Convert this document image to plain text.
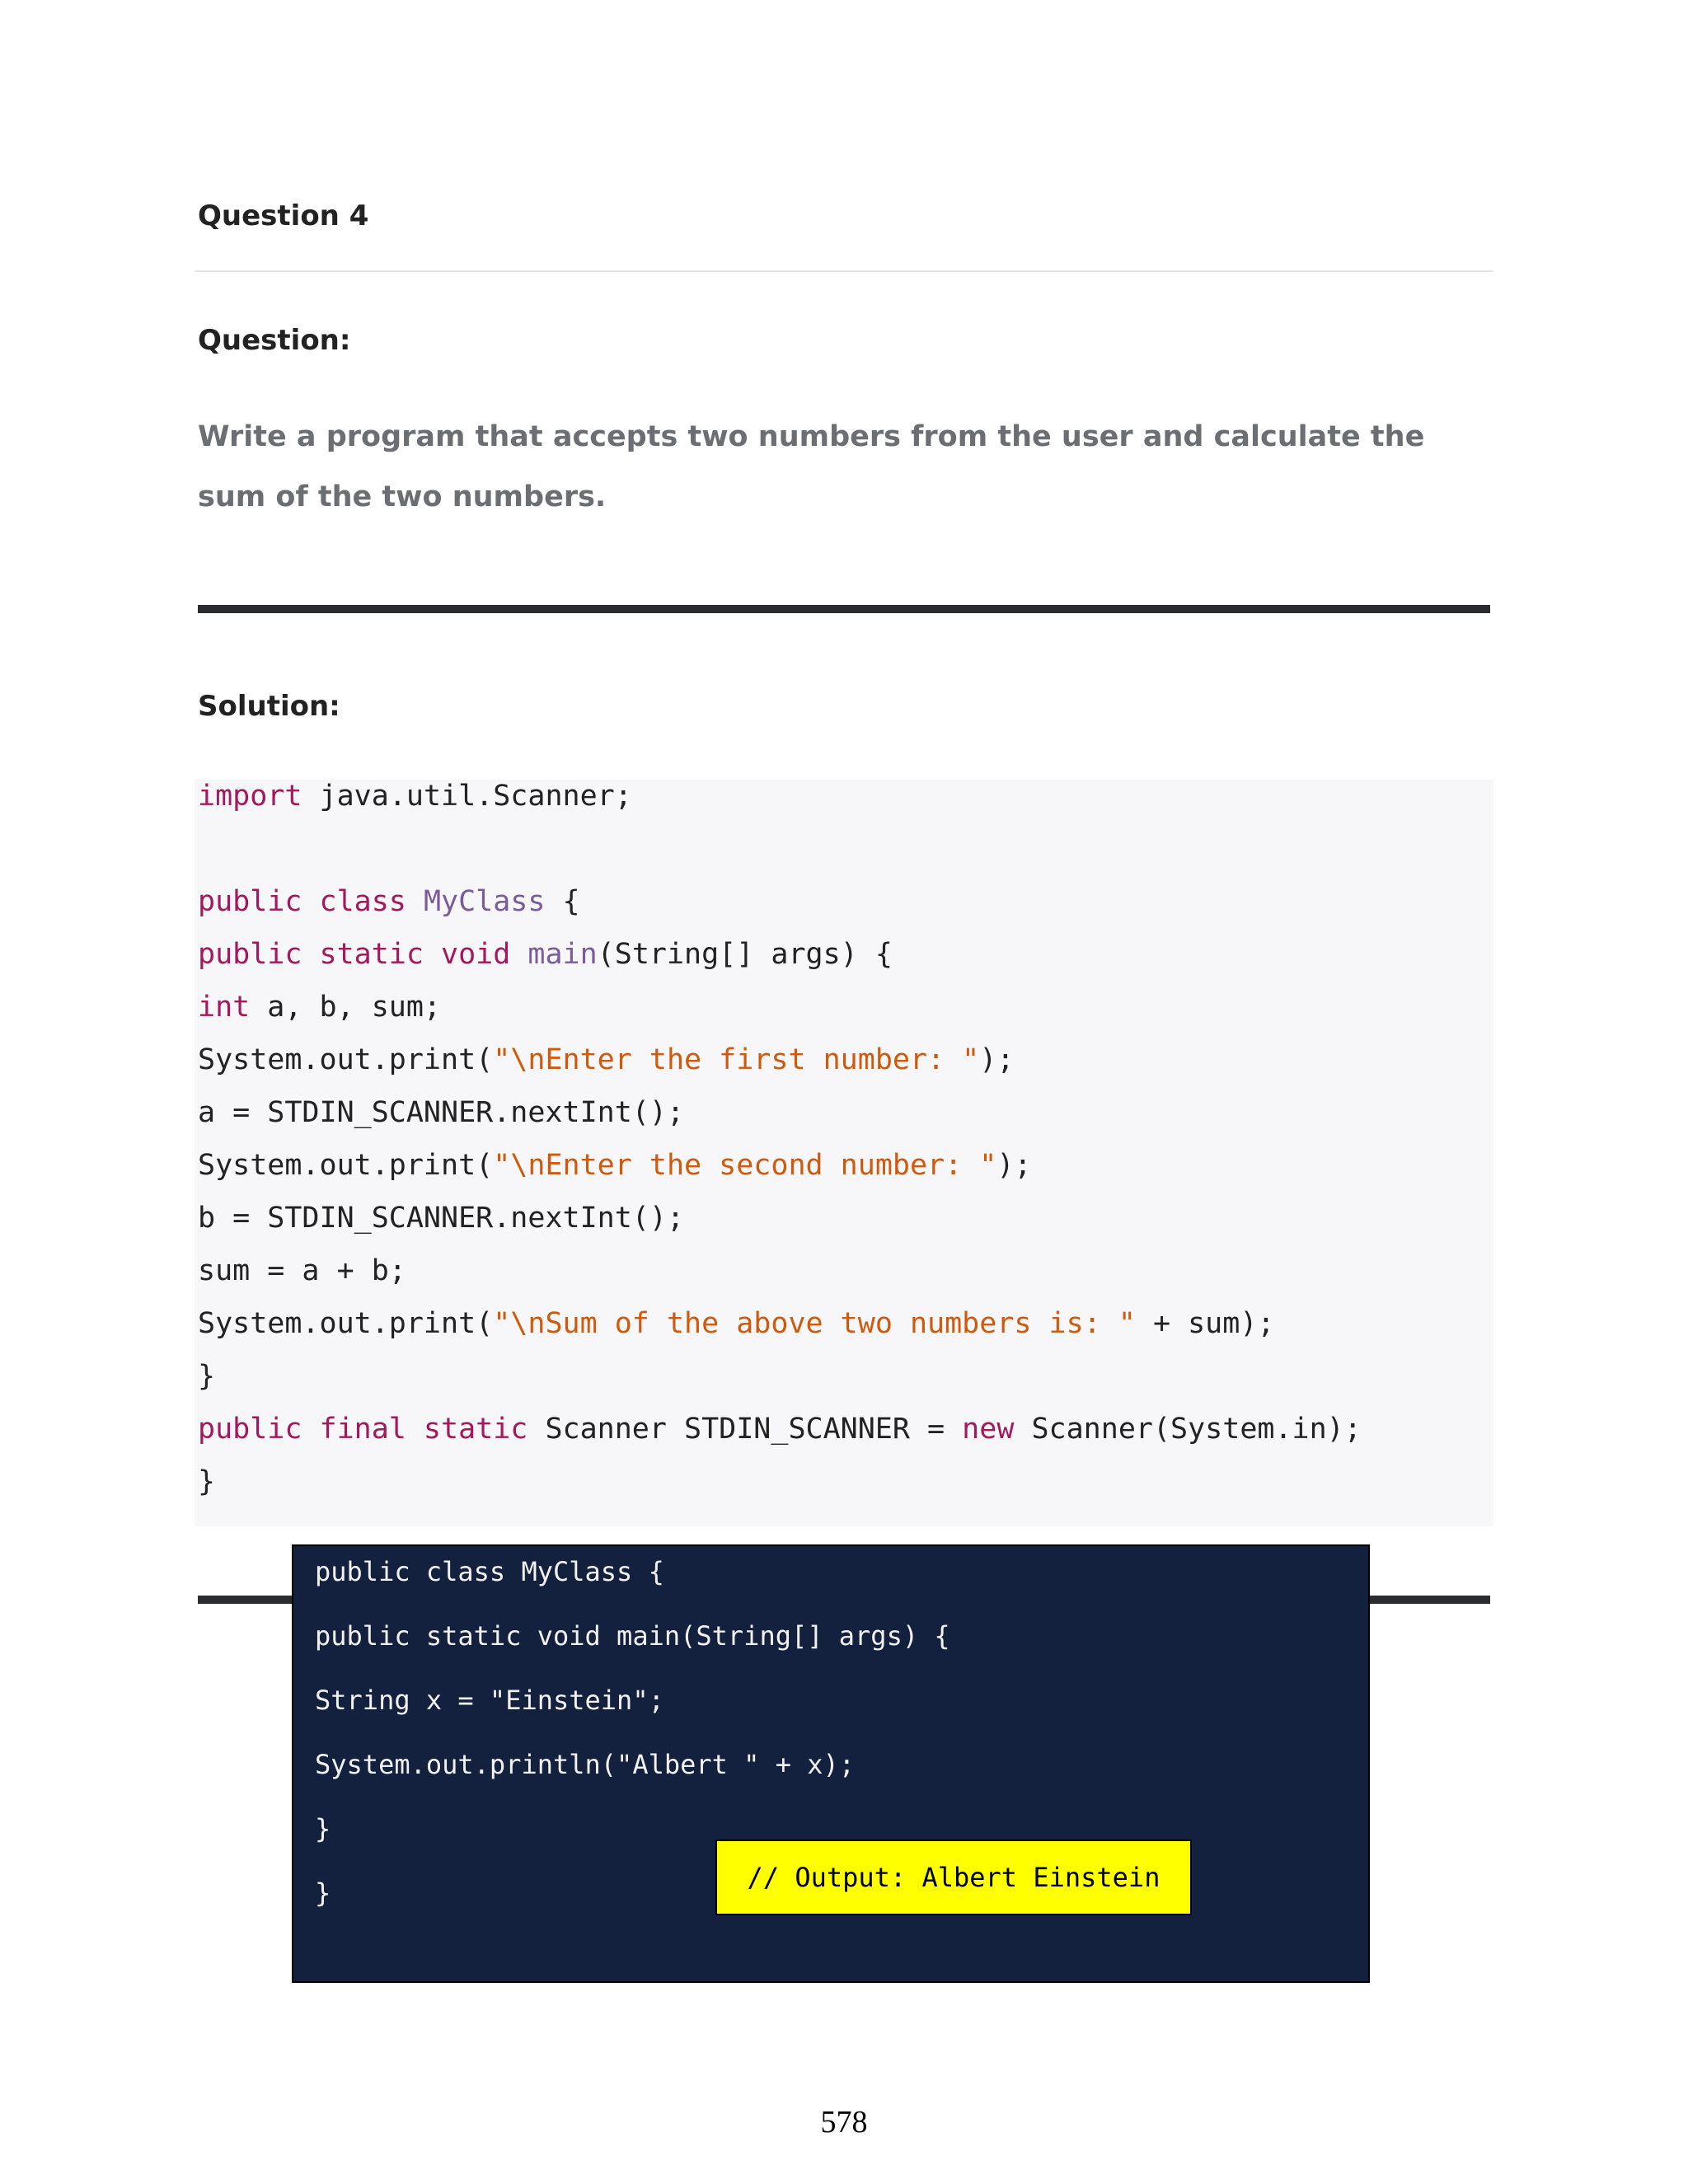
Question 4
Question:
Write a program that accepts two numbers from the user and calculate the sum of the two numbers.
Solution:
import java.util.Scanner;
public class MyClass {
public static void main(String[] args) {
int a, b, sum;
System.out.print("\nEnter the first number: ");
a = STDIN_SCANNER.nextInt();
System.out.print("\nEnter the second number: ");
b = STDIN_SCANNER.nextInt();
sum = a + b;
System.out.print("\nSum of the above two numbers is: " + sum);
}
public final static Scanner STDIN_SCANNER = new Scanner(System.in);
}
public class MyClass {
public static void main(String[] args) {
String x = "Einstein";
System.out.println("Albert " + x);
}
}	// Output: Albert Einstein
578
